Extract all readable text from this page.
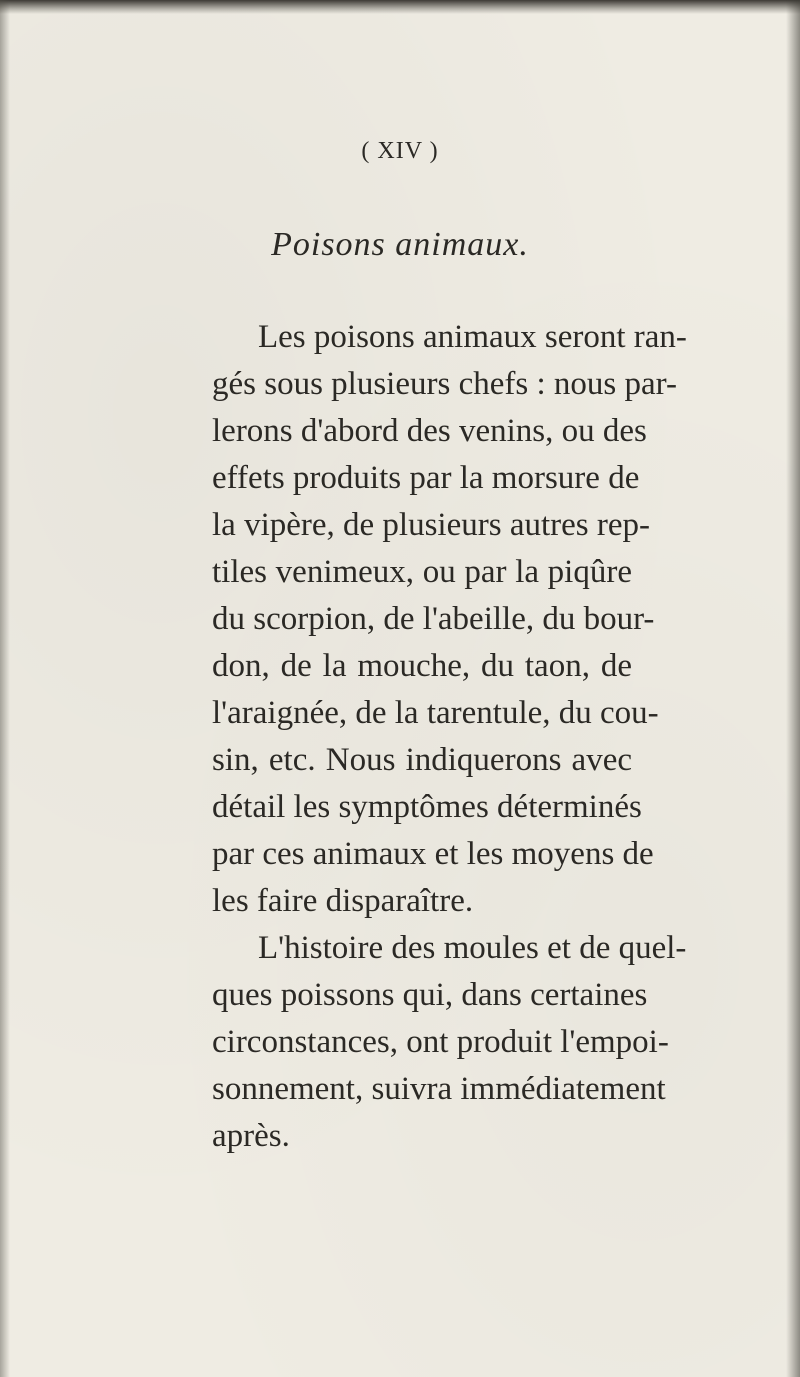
( XIV )
Poisons animaux.
Les poisons animaux seront ran-
gés sous plusieurs chefs : nous par-
lerons d'abord des venins, ou des
effets produits par la morsure de
la vipère, de plusieurs autres rep-
tiles venimeux, ou par la piqûre
du scorpion, de l'abeille, du bour-
don, de la mouche, du taon, de
l'araignée, de la tarentule, du cou-
sin, etc. Nous indiquerons avec
détail les symptômes déterminés
par ces animaux et les moyens de
les faire disparaître.
L'histoire des moules et de quel-
ques poissons qui, dans certaines
circonstances, ont produit l'empoi-
sonnement, suivra immédiatement
après.
